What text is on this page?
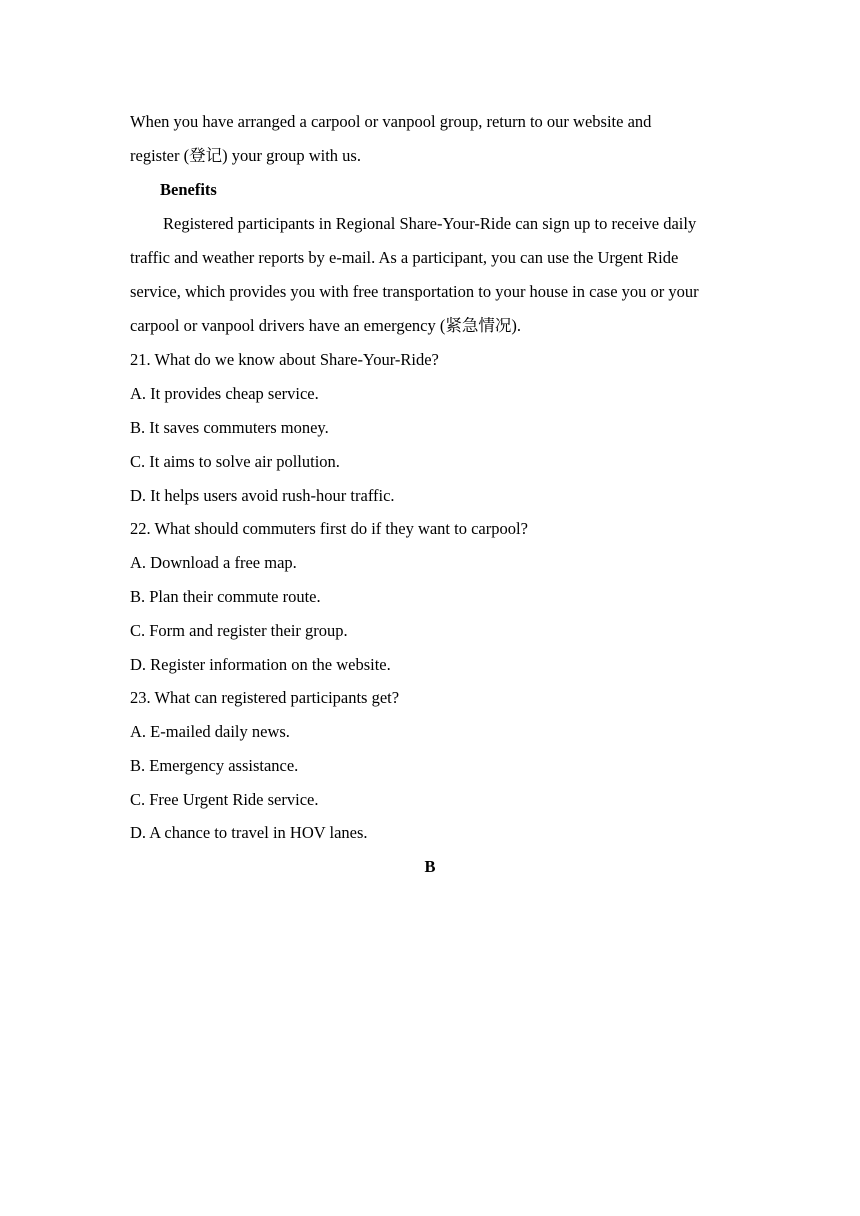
When you have arranged a carpool or vanpool group, return to our website and
register (登记) your group with us.
Benefits
Registered participants in Regional Share-Your-Ride can sign up to receive daily
traffic and weather reports by e-mail. As a participant, you can use the Urgent Ride
service, which provides you with free transportation to your house in case you or your
carpool or vanpool drivers have an emergency (紧急情况).
21. What do we know about Share-Your-Ride?
A. It provides cheap service.
B. It saves commuters money.
C. It aims to solve air pollution.
D. It helps users avoid rush-hour traffic.
22. What should commuters first do if they want to carpool?
A. Download a free map.
B. Plan their commute route.
C. Form and register their group.
D. Register information on the website.
23. What can registered participants get?
A. E-mailed daily news.
B. Emergency assistance.
C. Free Urgent Ride service.
D. A chance to travel in HOV lanes.
B
